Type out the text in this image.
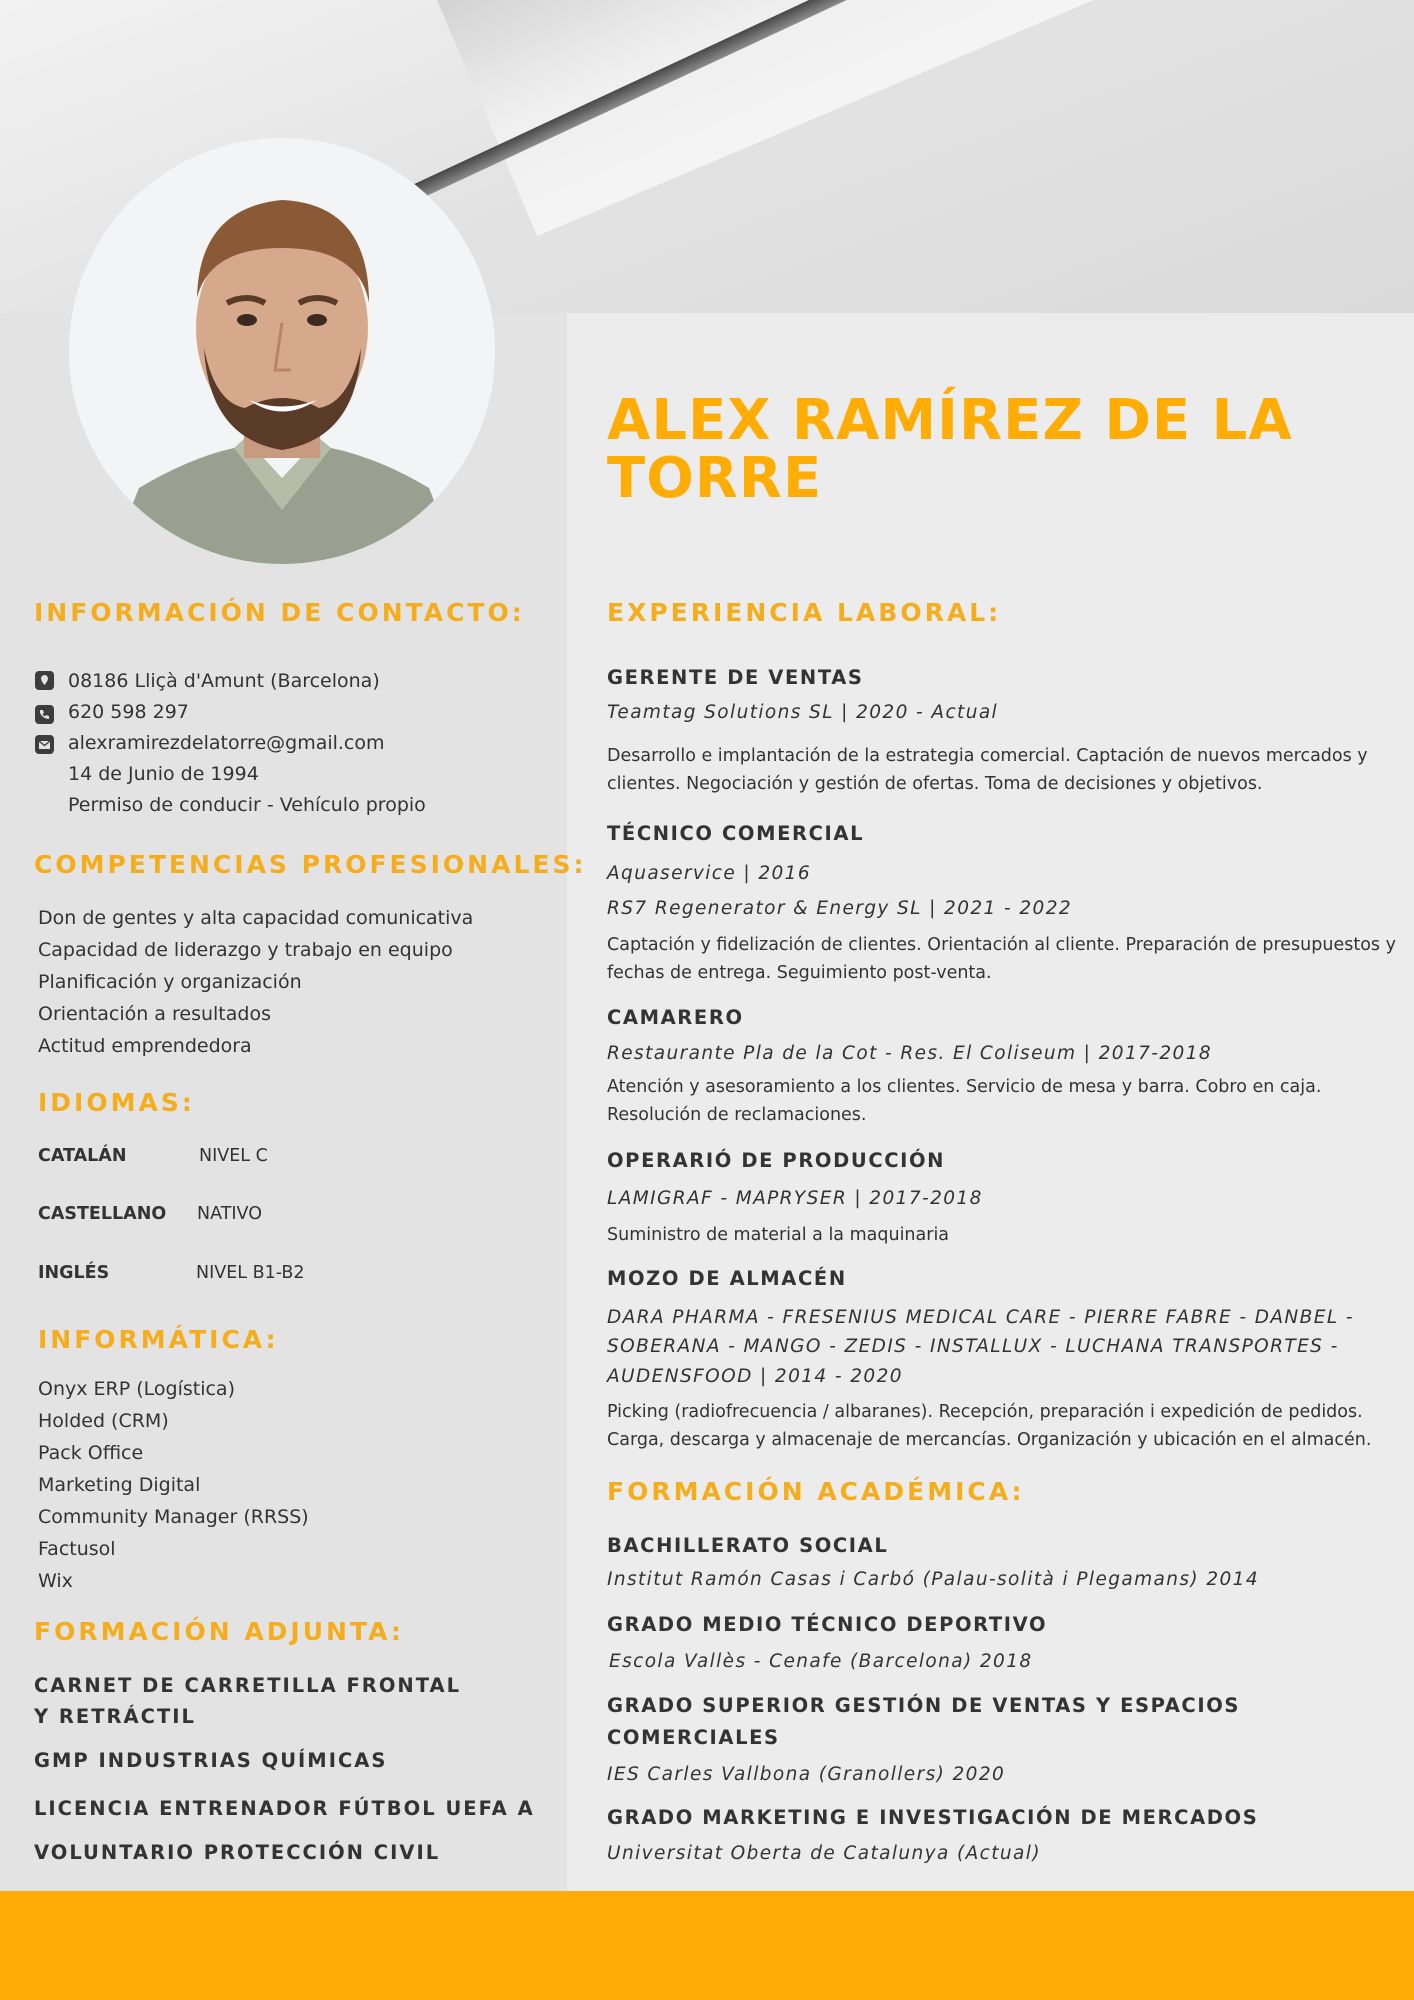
ALEX RAMÍREZ DE LA
TORRE
INFORMACIÓN DE CONTACTO:
08186 Lliçà d'Amunt (Barcelona)
620 598 297
alexramirezdelatorre@gmail.com
14 de Junio de 1994
Permiso de conducir - Vehículo propio
COMPETENCIAS PROFESIONALES:
Don de gentes y alta capacidad comunicativa
Capacidad de liderazgo y trabajo en equipo
Planificación y organización
Orientación a resultados
Actitud emprendedora
IDIOMAS:
CATALÁN	NIVEL C
CASTELLANO NATIVO
INGLÉS	NIVEL B1-B2
INFORMÁTICA:
Onyx ERP (Logística)
Holded (CRM)
Pack Office
Marketing Digital
Community Manager (RRSS)
Factusol
Wix
FORMACIÓN ADJUNTA:
CARNET DE CARRETILLA FRONTAL
Y RETRÁCTIL
GMP INDUSTRIAS QUÍMICAS
LICENCIA ENTRENADOR FÚTBOL UEFA A
VOLUNTARIO PROTECCIÓN CIVIL
EXPERIENCIA LABORAL:
GERENTE DE VENTAS
Teamtag Solutions SL | 2020 - Actual
Desarrollo e implantación de la estrategia comercial. Captación de nuevos mercados y clientes. Negociación y gestión de ofertas. Toma de decisiones y objetivos.
TÉCNICO COMERCIAL
Aquaservice | 2016
RS7 Regenerator & Energy SL | 2021 - 2022
Captación y fidelización de clientes. Orientación al cliente. Preparación de presupuestos y fechas de entrega. Seguimiento post-venta.
CAMARERO
Restaurante Pla de la Cot - Res. El Coliseum | 2017-2018
Atención y asesoramiento a los clientes. Servicio de mesa y barra. Cobro en caja. Resolución de reclamaciones.
OPERARIÓ DE PRODUCCIÓN
LAMIGRAF - MAPRYSER | 2017-2018
Suministro de material a la maquinaria
MOZO DE ALMACÉN
DARA PHARMA - FRESENIUS MEDICAL CARE - PIERRE FABRE - DANBEL -
SOBERANA - MANGO - ZEDIS - INSTALLUX - LUCHANA TRANSPORTES -
AUDENSFOOD | 2014 - 2020
Picking (radiofrecuencia / albaranes). Recepción, preparación i expedición de pedidos. Carga, descarga y almacenaje de mercancías. Organización y ubicación en el almacén.
FORMACIÓN ACADÉMICA:
BACHILLERATO SOCIAL
Institut Ramón Casas i Carbó (Palau-solità i Plegamans) 2014
GRADO MEDIO TÉCNICO DEPORTIVO
Escola Vallès - Cenafe (Barcelona) 2018
GRADO SUPERIOR GESTIÓN DE VENTAS Y ESPACIOS
COMERCIALES
IES Carles Vallbona (Granollers) 2020
GRADO MARKETING E INVESTIGACIÓN DE MERCADOS
Universitat Oberta de Catalunya (Actual)
